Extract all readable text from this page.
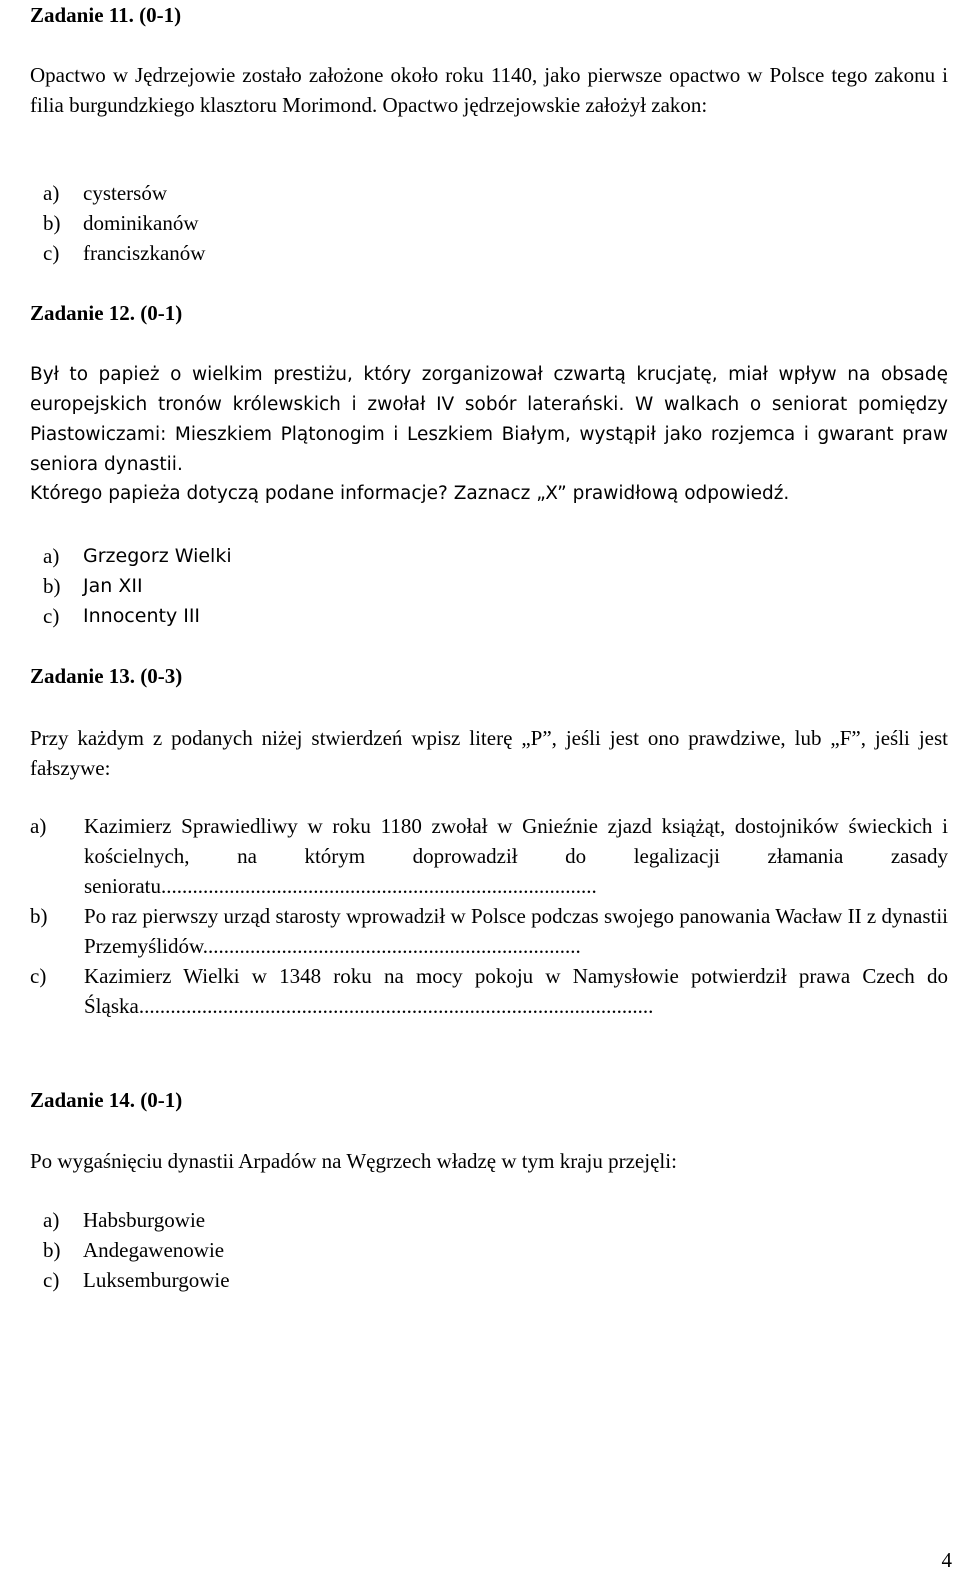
Zadanie 11. (0-1)
Opactwo w Jędrzejowie zostało założone około roku 1140, jako pierwsze opactwo w Polsce tego zakonu i filia burgundzkiego klasztoru Morimond. Opactwo jędrzejowskie założył zakon:
a)	cystersów
b)	dominikanów
c)	franciszkanów
Zadanie 12. (0-1)
Był to papież o wielkim prestiżu, który zorganizował czwartą krucjatę, miał wpływ na obsadę europejskich tronów królewskich i zwołał IV sobór laterański. W walkach o seniorat pomiędzy Piastowiczami: Mieszkiem Plątonogim i Leszkiem Białym, wystąpił jako rozjemca i gwarant praw seniora dynastii.
Którego papieża dotyczą podane informacje? Zaznacz „X” prawidłową odpowiedź.
a)	Grzegorz Wielki
b)	Jan XII
c)	Innocenty III
Zadanie 13. (0-3)
Przy każdym z podanych niżej stwierdzeń wpisz literę „P”, jeśli jest ono prawdziwe, lub „F”, jeśli jest fałszywe:
a)	Kazimierz Sprawiedliwy w roku 1180 zwołał w Gnieźnie zjazd książąt, dostojników świeckich i kościelnych, na którym doprowadził do legalizacji złamania zasady senioratu...................................................................................
b)	Po raz pierwszy urząd starosty wprowadził w Polsce podczas swojego panowania Wacław II z dynastii Przemyślidów........................................................................
c)	Kazimierz Wielki w 1348 roku na mocy pokoju w Namysłowie potwierdził prawa Czech do Śląska..................................................................................................
Zadanie 14. (0-1)
Po wygaśnięciu dynastii Arpadów na Węgrzech władzę w tym kraju przejęli:
a)	Habsburgowie
b)	Andegawenowie
c)	Luksemburgowie
4
